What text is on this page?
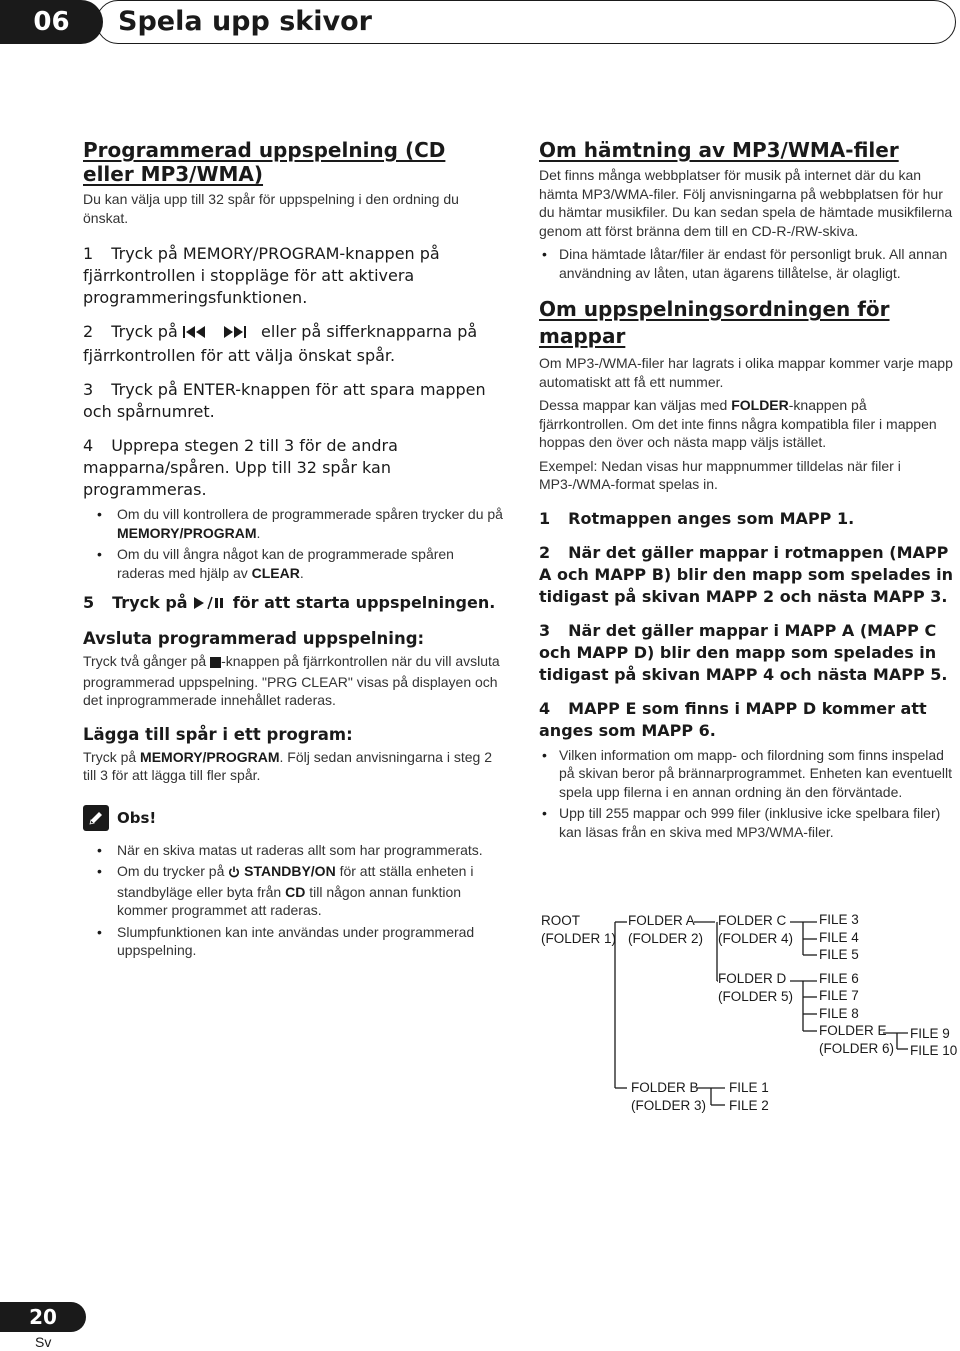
06	Spela upp skivor
Programmerad uppspelning (CD eller MP3/WMA)

Du kan välja upp till 32 spår för uppspelning i den ordning du önskat.

1 Tryck på MEMORY/PROGRAM-knappen på fjärrkontrollen i stoppläge för att aktivera programmeringsfunktionen.
2 Tryck på	eller på sifferknapparna på fjärrkontrollen för att välja önskat spår.
3 Tryck på ENTER-knappen för att spara mappen och spårnumret.
4 Upprepa stegen 2 till 3 för de andra mapparna/spåren. Upp till 32 spår kan programmeras.
• Om du vill kontrollera de programmerade spåren trycker du på MEMORY/PROGRAM.
• Om du vill ångra något kan de programmerade spåren raderas med hjälp av CLEAR.
5 Tryck på	för att starta uppspelningen.
Avsluta programmerad uppspelning:

Tryck två gånger på -knappen på fjärrkontrollen när du vill avsluta programmerad uppspelning. "PRG CLEAR" visas på displayen och det inprogrammerade innehållet raderas.

Lägga till spår i ett program:

Tryck på MEMORY/PROGRAM. Följ sedan anvisningarna i steg 2 till 3 för att lägga till fler spår.

Obs!
• När en skiva matas ut raderas allt som har programmerats.
• Om du trycker på  STANDBY/ON för att ställa enheten i standbyläge eller byta från CD till någon annan funktion kommer programmet att raderas.
• Slumpfunktionen kan inte användas under programmerad uppspelning.
Om hämtning av MP3/WMA-filer

Det finns många webbplatser för musik på internet där du kan hämta MP3/WMA-filer. Följ anvisningarna på webbplatsen för hur du hämtar musikfiler. Du kan sedan spela de hämtade musikfilerna genom att först bränna dem till en CD-R-/RW-skiva.

• Dina hämtade låtar/filer är endast för personligt bruk. All annan användning av låten, utan ägarens tillåtelse, är olagligt.
Om uppspelningsordningen för mappar

Om MP3-/WMA-filer har lagrats i olika mappar kommer varje mapp automatiskt att få ett nummer.

Dessa mappar kan väljas med FOLDER-knappen på fjärrkontrollen. Om det inte finns några kompatibla filer i mappen hoppas den över och nästa mapp väljs istället.

Exempel: Nedan visas hur mappnummer tilldelas när filer i MP3-/WMA-format spelas in.

1 Rotmappen anges som MAPP 1.
2 När det gäller mappar i rotmappen (MAPP A och MAPP B) blir den mapp som spelades in tidigast på skivan MAPP 2 och nästa MAPP 3.
3 När det gäller mappar i MAPP A (MAPP C och MAPP D) blir den mapp som spelades in tidigast på skivan MAPP 4 och nästa MAPP 5.
4 MAPP E som finns i MAPP D kommer att anges som MAPP 6.
• Vilken information om mapp- och filordning som finns inspelad på skivan beror på brännarprogrammet. Enheten kan eventuellt spela upp filerna i en annan ordning än den förväntade.
• Upp till 255 mappar och 999 filer (inklusive icke spelbara filer) kan läsas från en skiva med MP3/WMA-filer.
ROOT
(FOLDER 1)
FOLDER A
(FOLDER 2)
FOLDER C
(FOLDER 4)
FOLDER D
(FOLDER 5)
FILE 3
FILE 4
FILE 5
FILE 6
FILE 7
FILE 8
FOLDER E
(FOLDER 6)
FILE 9
FILE 10
FOLDER B
(FOLDER 3)
FILE 1
FILE 2
20
Sv
